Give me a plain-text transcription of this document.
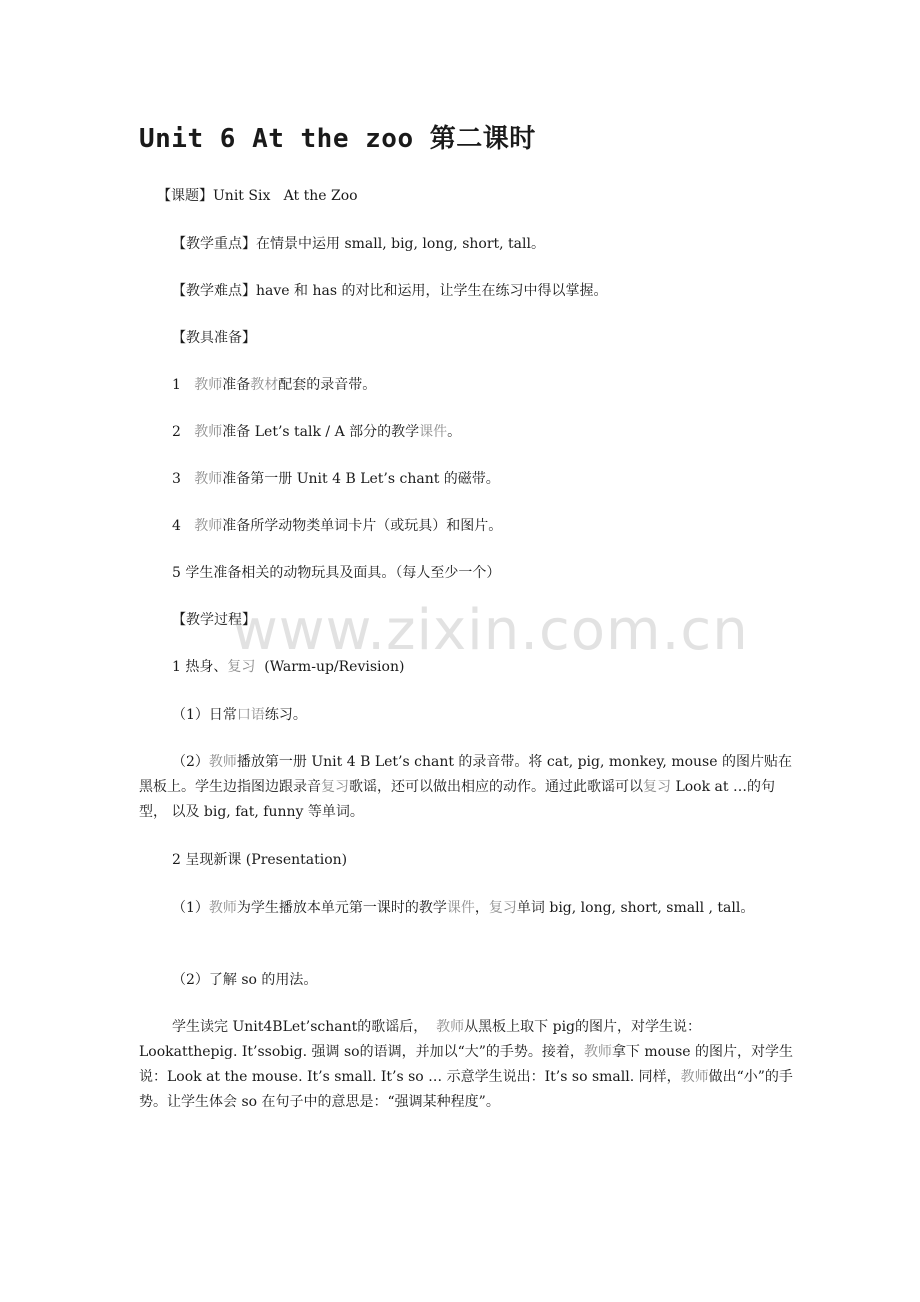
Unit 6 At the zoo 第二课时
【课题】Unit Six   At the Zoo
【教学重点】在情景中运用 small, big, long, short, tall。
【教学难点】have 和 has 的对比和运用，让学生在练习中得以掌握。
【教具准备】
1 教师准备教材配套的录音带。
2 教师准备 Let’s talk / A 部分的教学课件。
3 教师准备第一册 Unit 4 B Let’s chant 的磁带。
4 教师准备所学动物类单词卡片（或玩具）和图片。
5 学生准备相关的动物玩具及面具。（每人至少一个）
【教学过程】
1 热身、复习  (Warm-up/Revision)
（1）日常口语练习。
（2）教师播放第一册 Unit 4 B Let’s chant 的录音带。将 cat, pig, monkey, mouse 的图片贴在黑板上。学生边指图边跟录音复习歌谣，还可以做出相应的动作。通过此歌谣可以复习 Look at …的句型， 以及 big, fat, funny 等单词。
2 呈现新课 (Presentation)
（1）教师为学生播放本单元第一课时的教学课件，复习单词 big, long, short, small , tall。
（2）了解 so 的用法。
学生读完 Unit4BLet’schant的歌谣后，  教师从黑板上取下 pig的图片，对学生说：Lookatthepig. It’ssobig. 强调 so的语调，并加以“大”的手势。接着，教师拿下 mouse 的图片，对学生说：Look at the mouse. It’s small. It’s so … 示意学生说出：It’s so small. 同样，教师做出“小”的手势。让学生体会 so 在句子中的意思是：“强调某种程度”。
www.zixin.com.cn
